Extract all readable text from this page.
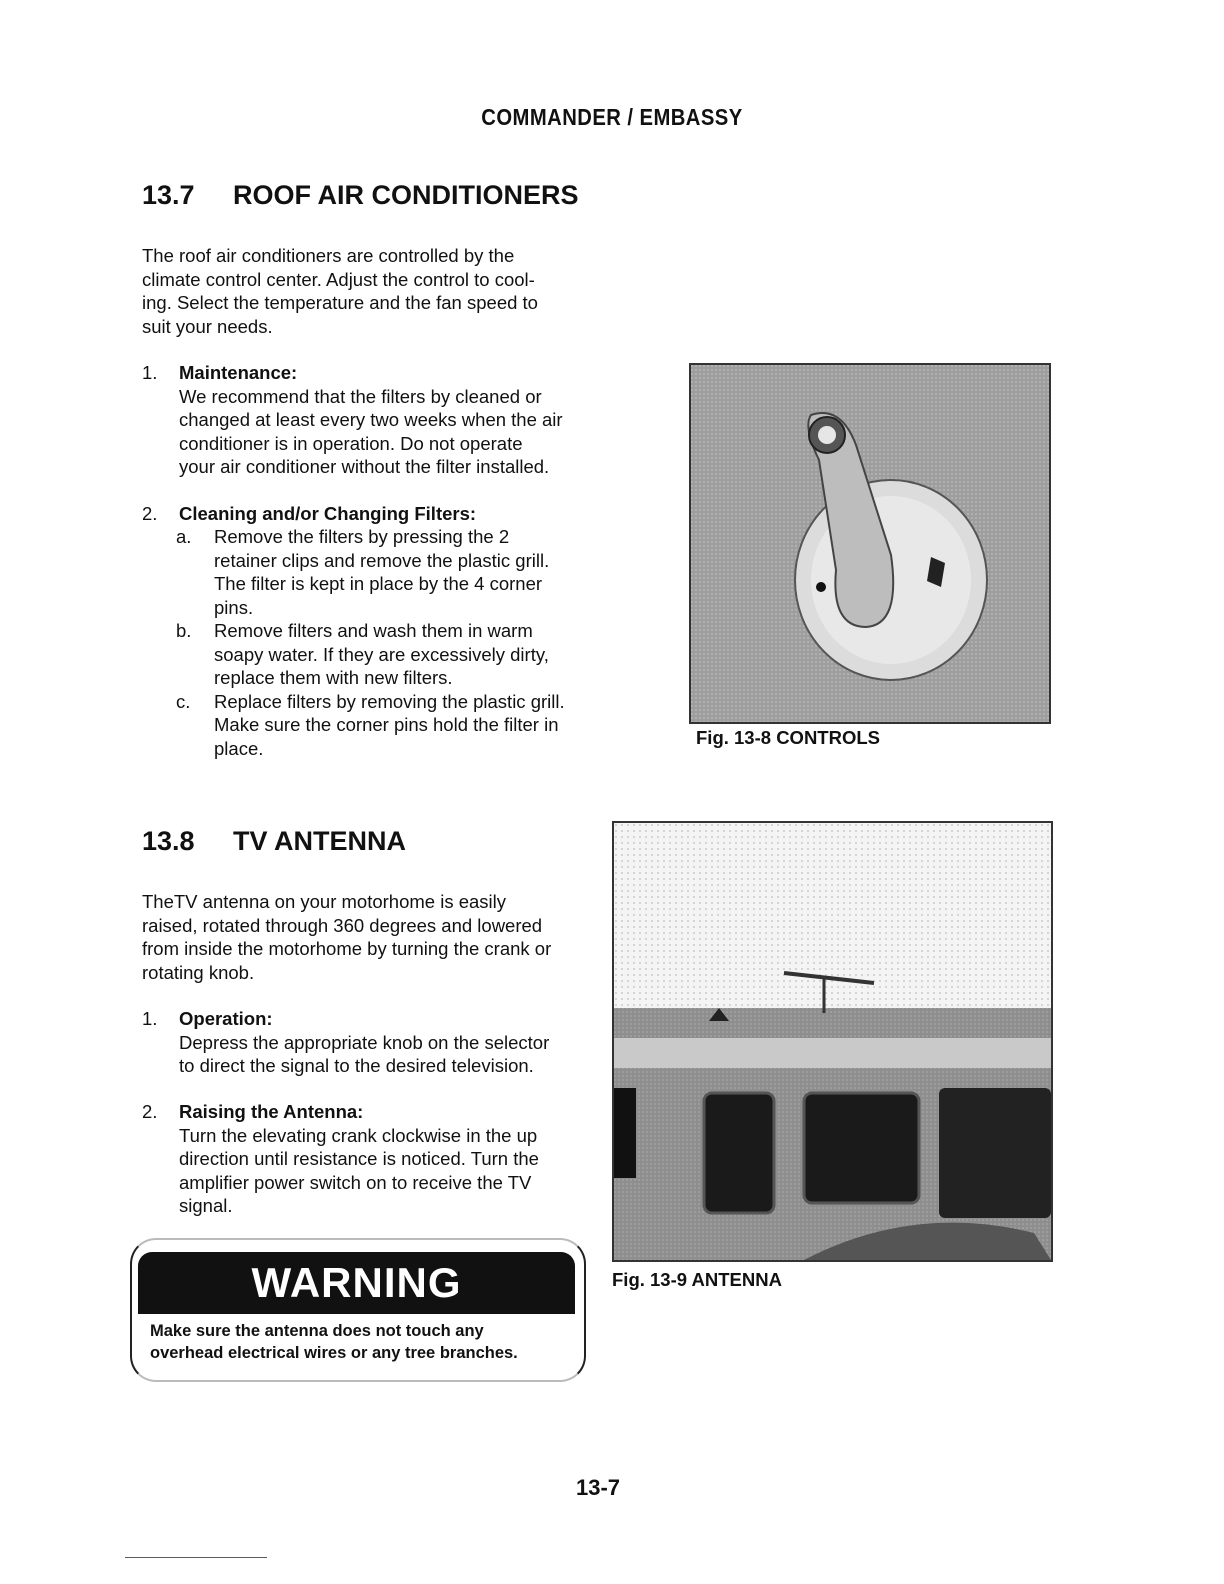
COMMANDER / EMBASSY
13.7 ROOF AIR CONDITIONERS
The roof air conditioners are controlled by the
climate control center. Adjust the control to cool-
ing. Select the temperature and the fan speed to
suit your needs.
1. Maintenance:
We recommend that the filters by cleaned or
changed at least every two weeks when the air
conditioner is in operation. Do not operate
your air conditioner without the filter installed.
2. Cleaning and/or Changing Filters:
a.	Remove the filters by pressing the 2
retainer clips and remove the plastic grill.
The filter is kept in place by the 4 corner
pins.
b.	Remove filters and wash them in warm
soapy water. If they are excessively dirty,
replace them with new filters.
c.	Replace filters by removing the plastic grill.
Make sure the corner pins hold the filter in
place.	Fig. 13-8 CONTROLS
13.8 TV ANTENNA
TheTV antenna on your motorhome is easily
raised, rotated through 360 degrees and lowered
from inside the motorhome by turning the crank or
rotating knob.
1. Operation:
Depress the appropriate knob on the selector
to direct the signal to the desired television.
2. Raising the Antenna:
Turn the elevating crank clockwise in the up
direction until resistance is noticed. Turn the
amplifier power switch on to receive the TV
signal.
WARNING
Make sure the antenna does not touch any
overhead electrical wires or any tree branches.
Fig. 13-9 ANTENNA
13-7
